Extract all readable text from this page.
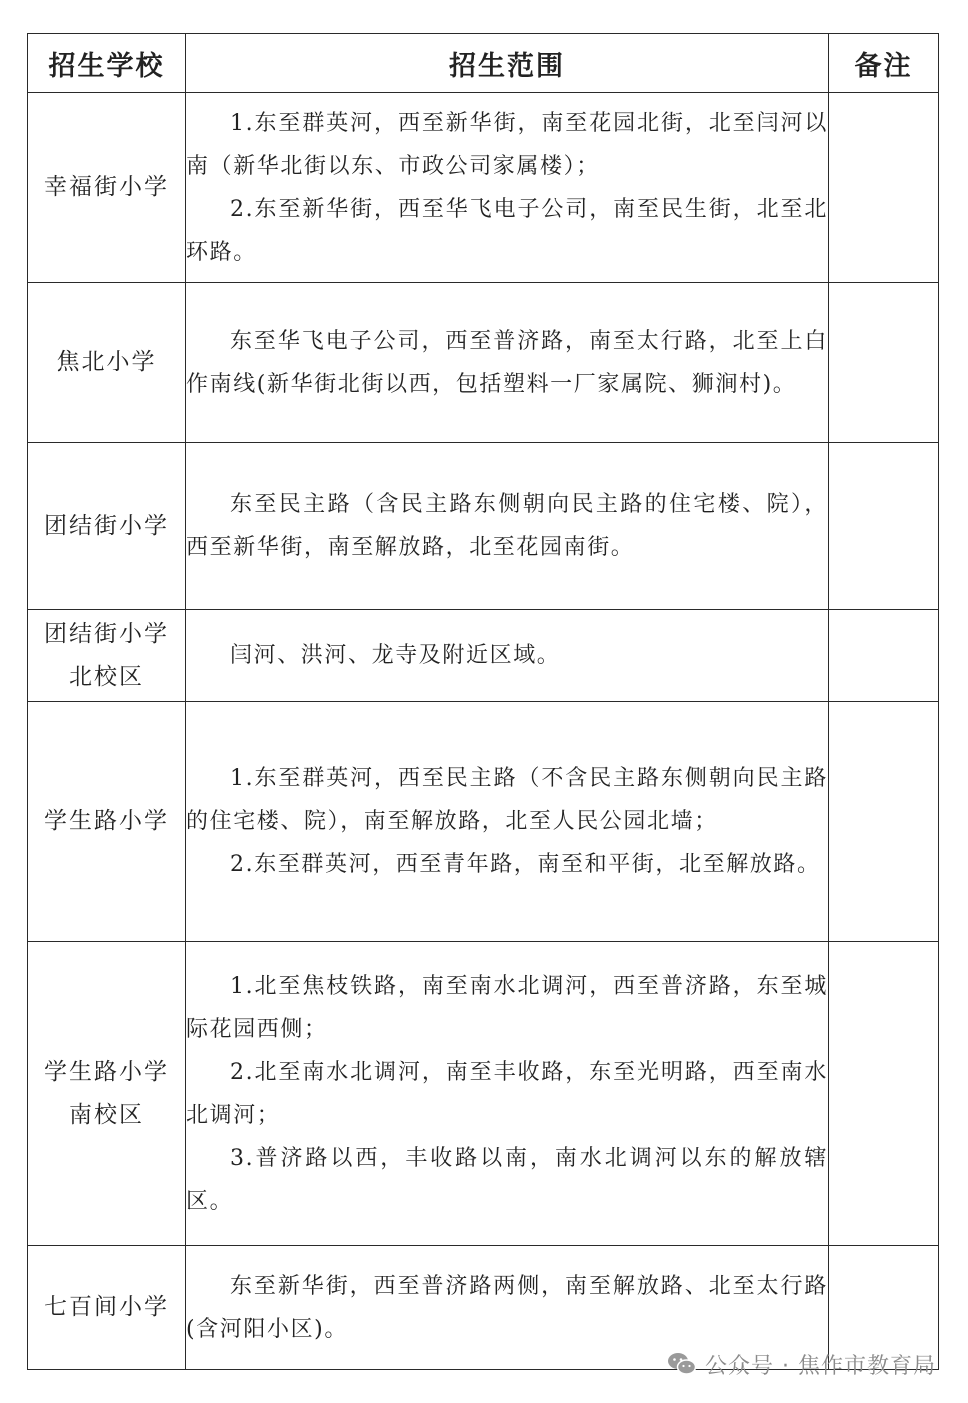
招生学校	招生范围	备注
幸福街小学	1.东至群英河，西至新华街，南至花园北街，北至闫河以南（新华北街以东、市政公司家属楼）；

2.东至新华街，西至华飞电子公司，南至民生街，北至北环路。	

焦北小学	东至华飞电子公司，西至普济路，南至太行路，北至上白作南线(新华街北街以西，包括塑料一厂家属院、狮涧村)。	

团结街小学	东至民主路（含民主路东侧朝向民主路的住宅楼、院），西至新华街，南至解放路，北至花园南街。	

团结街小学北校区	闫河、洪河、龙寺及附近区域。	

学生路小学	1.东至群英河，西至民主路（不含民主路东侧朝向民主路的住宅楼、院），南至解放路，北至人民公园北墙；

2.东至群英河，西至青年路，南至和平街，北至解放路。	

学生路小学南校区	1.北至焦枝铁路，南至南水北调河，西至普济路，东至城际花园西侧；

2.北至南水北调河，南至丰收路，东至光明路，西至南水北调河；

3.普济路以西，丰收路以南，南水北调河以东的解放辖区。	

七百间小学	东至新华街，西至普济路两侧，南至解放路、北至太行路(含河阳小区)。	

公众号 · 焦作市教育局
